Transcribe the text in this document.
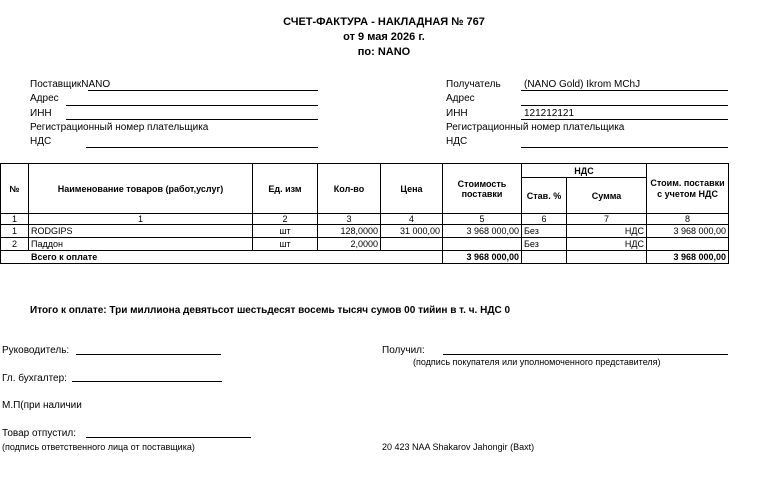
СЧЕТ-ФАКТУРА - НАКЛАДНАЯ № 767
от 9 мая 2026 г.
по: NANO
ПоставщикNANO
Адрес
ИНН
Регистрационный номер плательщика
НДС
Получатель (NANO Gold) Ikrom MChJ
Адрес
ИНН	121212121
Регистрационный номер плательщика
НДС
№	Наименование товаров (работ,услуг)	Ед. изм	Кол-во	Цена	Стоимость поставки	НДС		Стоим. поставки с учетом НДС
						Став. %	Сумма	
1	1	2	3	4	5	6	7	8
1	RODGIPS	шт	128,0000	31 000,00	3 968 000,00	Без	НДС	3 968 000,00
2	Паддон	шт	2,0000			Без	НДС	
Всего к оплате					3 968 000,00			3 968 000,00
Итого к оплате: Три миллиона девятьсот шестьдесят восемь тысяч сумов 00 тийин в т. ч. НДС 0
Руководитель:
Гл. бухгалтер:
М.П(при наличии
Товар отпустил:
(подпись ответственного лица от поставщика)
Получил:
(подпись покупателя или уполномоченного представителя)
20 423 NAA Shakarov Jahongir (Baxt)
